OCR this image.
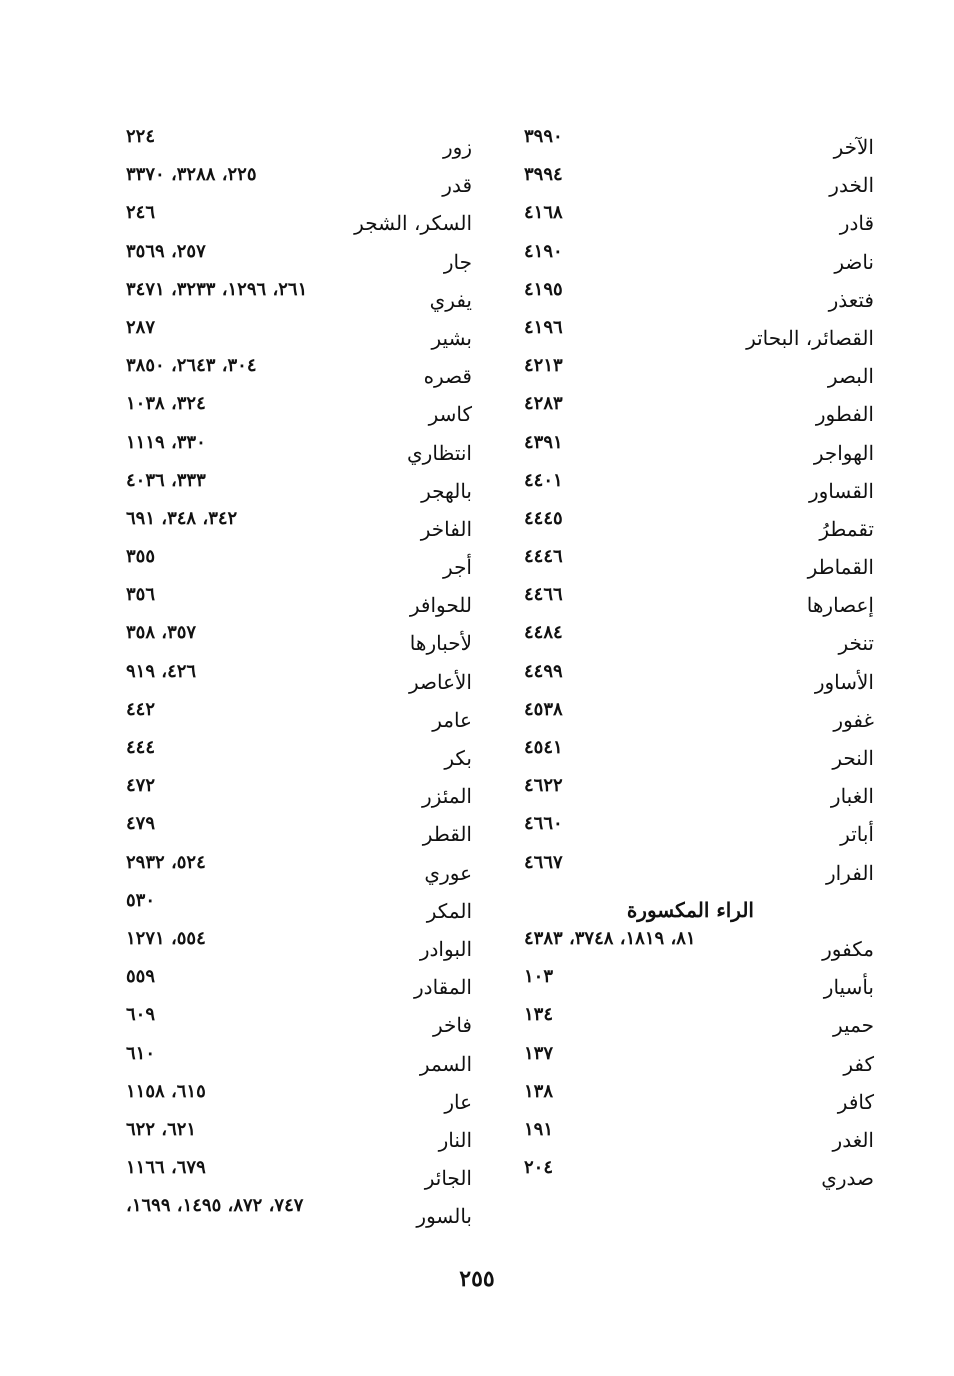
الآخر
٣٩٩٠
الخدر
٣٩٩٤
قادر
٤١٦٨
ناضر
٤١٩٠
فتعذر
٤١٩٥
القصائر، البحاتر
٤١٩٦
البصر
٤٢١٣
الفطور
٤٢٨٣
الهواجر
٤٣٩١
القساور
٤٤٠١
تقمطرُ
٤٤٤٥
القماطر
٤٤٤٦
إعصارها
٤٤٦٦
تنخر
٤٤٨٤
الأساور
٤٤٩٩
غفور
٤٥٣٨
النحر
٤٥٤١
الغبار
٤٦٢٢
أباتر
٤٦٦٠
الفرار
٤٦٦٧
الراء المكسورة
مكفور
٨١، ١٨١٩، ٣٧٤٨، ٤٣٨٣
بأسيار
١٠٣
حمير
١٣٤
كفر
١٣٧
كافر
١٣٨
الغدر
١٩١
صدري
٢٠٤
زور
٢٢٤
قدر
٢٢٥، ٣٢٨٨، ٣٣٧٠
السكر، الشجر
٢٤٦
جار
٢٥٧، ٣٥٦٩
يفري
٢٦١، ١٢٩٦، ٣٢٣٣، ٣٤٧١
بشير
٢٨٧
قصره
٣٠٤، ٢٦٤٣، ٣٨٥٠
كاسر
٣٢٤، ١٠٣٨
انتظاري
٣٣٠، ١١١٩
بالهجر
٣٣٣، ٤٠٣٦
الفاخر
٣٤٢، ٣٤٨، ٦٩١
أجر
٣٥٥
للحوافر
٣٥٦
لأحبارها
٣٥٧، ٣٥٨
الأعاصر
٤٢٦، ٩١٩
عامر
٤٤٢
بكر
٤٤٤
المئزر
٤٧٢
القطر
٤٧٩
عوري
٥٢٤، ٢٩٣٢
المكر
٥٣٠
البوادر
٥٥٤، ١٢٧١
المقادر
٥٥٩
فاخر
٦٠٩
السمر
٦١٠
عار
٦١٥، ١١٥٨
النار
٦٢١، ٦٢٢
الجائر
٦٧٩، ١١٦٦
بالسور
٧٤٧، ٨٧٢، ١٤٩٥، ١٦٩٩،
٢٥٥
